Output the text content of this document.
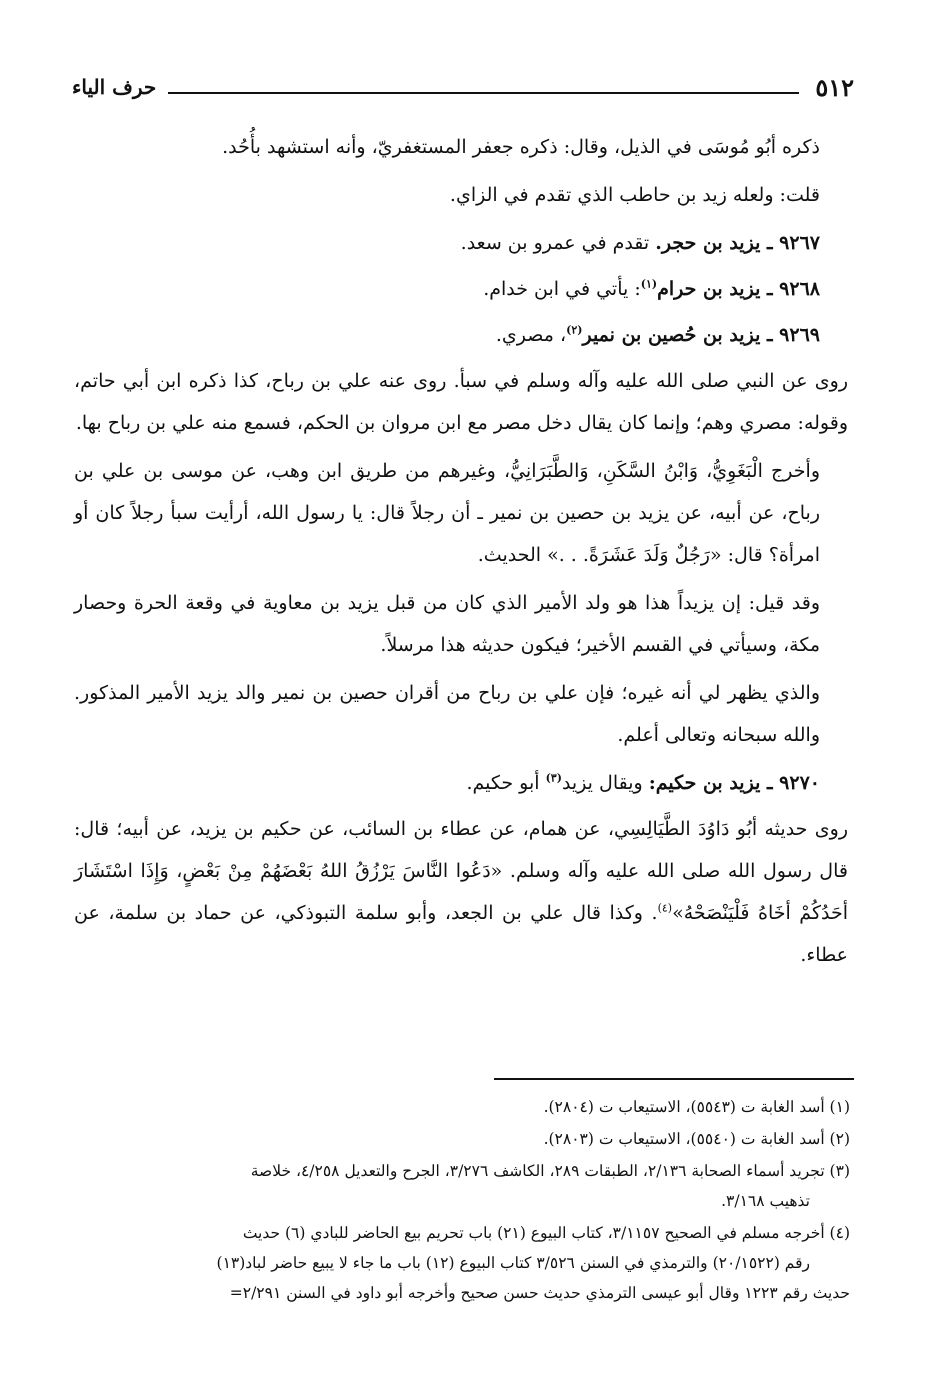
٥١٢
حرف الياء

ذكره أبُو مُوسَى في الذيل، وقال: ذكره جعفر المستغفريّ، وأنه استشهد بأُحُد.

قلت: ولعله زيد بن حاطب الذي تقدم في الزاي.

٩٢٦٧ ـ يزيد بن حجر. تقدم في عمرو بن سعد.

٩٢٦٨ ـ يزيد بن حرام$^{(١)}$: يأتي في ابن خدام.

٩٢٦٩ ـ يزيد بن حُصين بن نمير$^{(٢)}$، مصري.

روى عن النبي صلى الله عليه وآله وسلم في سبأ. روى عنه علي بن رباح، كذا ذكره ابن أبي حاتم، وقوله: مصري وهم؛ وإنما كان يقال دخل مصر مع ابن مروان بن الحكم، فسمع منه علي بن رباح بها.

وأخرج الْبَغَوِيُّ، وَابْنُ السَّكَنِ، وَالطَّبَرَانِيُّ، وغيرهم من طريق ابن وهب، عن موسى بن علي بن رباح، عن أبيه، عن يزيد بن حصين بن نمير ـ أن رجلاً قال: يا رسول الله، أرأيت سبأ رجلاً كان أو امرأة؟ قال: «رَجُلٌ وَلَدَ عَشَرَةً. . .» الحديث.

وقد قيل: إن يزيداً هذا هو ولد الأمير الذي كان من قبل يزيد بن معاوية في وقعة الحرة وحصار مكة، وسيأتي في القسم الأخير؛ فيكون حديثه هذا مرسلاً.

والذي يظهر لي أنه غيره؛ فإن علي بن رباح من أقران حصين بن نمير والد يزيد الأمير المذكور. والله سبحانه وتعالى أعلم.

٩٢٧٠ ـ يزيد بن حكيم: ويقال يزيد$^{(٣)}$ أبو حكيم.

روى حديثه أبُو دَاوُدَ الطَّيَالِسِي، عن همام، عن عطاء بن السائب، عن حكيم بن يزيد، عن أبيه؛ قال: قال رسول الله صلى الله عليه وآله وسلم. «دَعُوا النَّاسَ يَرْزُقُ اللهُ بَعْضَهُمْ مِنْ بَعْضٍ، وَإِذَا اسْتَشَارَ أحَدُكُمْ أخَاهُ فَلْيَنْصَحْهُ»$^{(٤)}$. وكذا قال علي بن الجعد، وأبو سلمة التبوذكي، عن حماد بن سلمة، عن عطاء.

(١) أسد الغابة ت (٥٥٤٣)، الاستيعاب ت (٢٨٠٤).

(٢) أسد الغابة ت (٥٥٤٠)، الاستيعاب ت (٢٨٠٣).

(٣) تجريد أسماء الصحابة ٢/١٣٦، الطبقات ٢٨٩، الكاشف ٣/٢٧٦، الجرح والتعديل ٤/٢٥٨، خلاصة
تذهيب ٣/١٦٨.

(٤) أخرجه مسلم في الصحيح ٣/١١٥٧، كتاب البيوع (٢١) باب تحريم بيع الحاضر للبادي (٦) حديث
رقم (٢٠/١٥٢٢) والترمذي في السنن ٣/٥٢٦ كتاب البيوع (١٢) باب ما جاء لا يبيع حاضر لباد(١٣)
حديث رقم ١٢٢٣ وقال أبو عيسى الترمذي حديث حسن صحيح وأخرجه أبو داود في السنن ٢/٢٩١=
